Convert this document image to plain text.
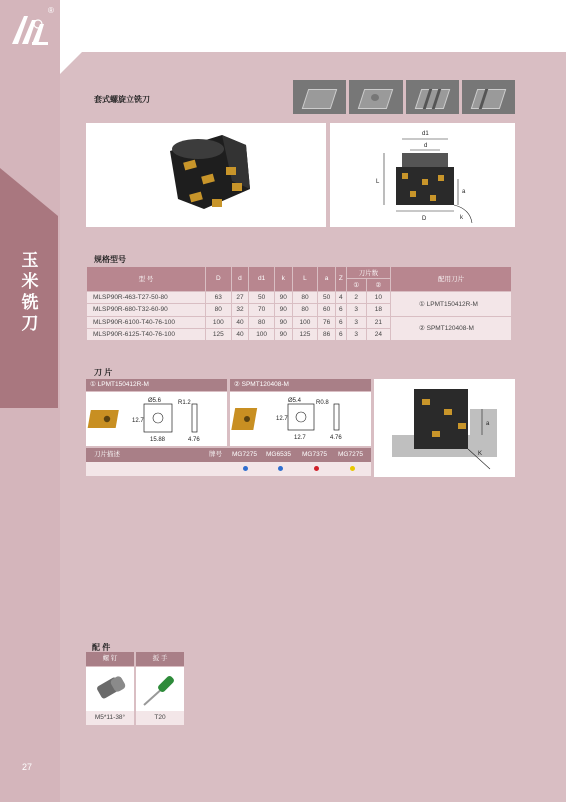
®
玉米铣刀
27
套式螺旋立铣刀
d1
d
L
a
D	k
规格型号
型 号	D	d	d1	k	L	a	Z	刀片数		配用刀片
								①	②	
MLSP90R-463-T27-50-80	63	27	50	90	80	50	4	2	10	① LPMT150412R-M
MLSP90R-680-T32-60-90	80	32	70	90	80	60	6	3	18	
MLSP90R-6100-T40-76-100	100	40	80	90	100	76	6	3	21	② SPMT120408-M
MLSP90R-6125-T40-76-100	125	40	100	90	125	86	6	3	24	
刀 片
① LPMT150412R-M	② SPMT120408-M
Ø5.6	R1.2
12.7
15.88	4.76
Ø5.4 R0.8
12.7
12.7	4.76
a
K
刀片描述	牌号 MG7275 MG6535 MG7375 MG7275
配 件
螺 钉	扳 手
M5*11-38°	T20
